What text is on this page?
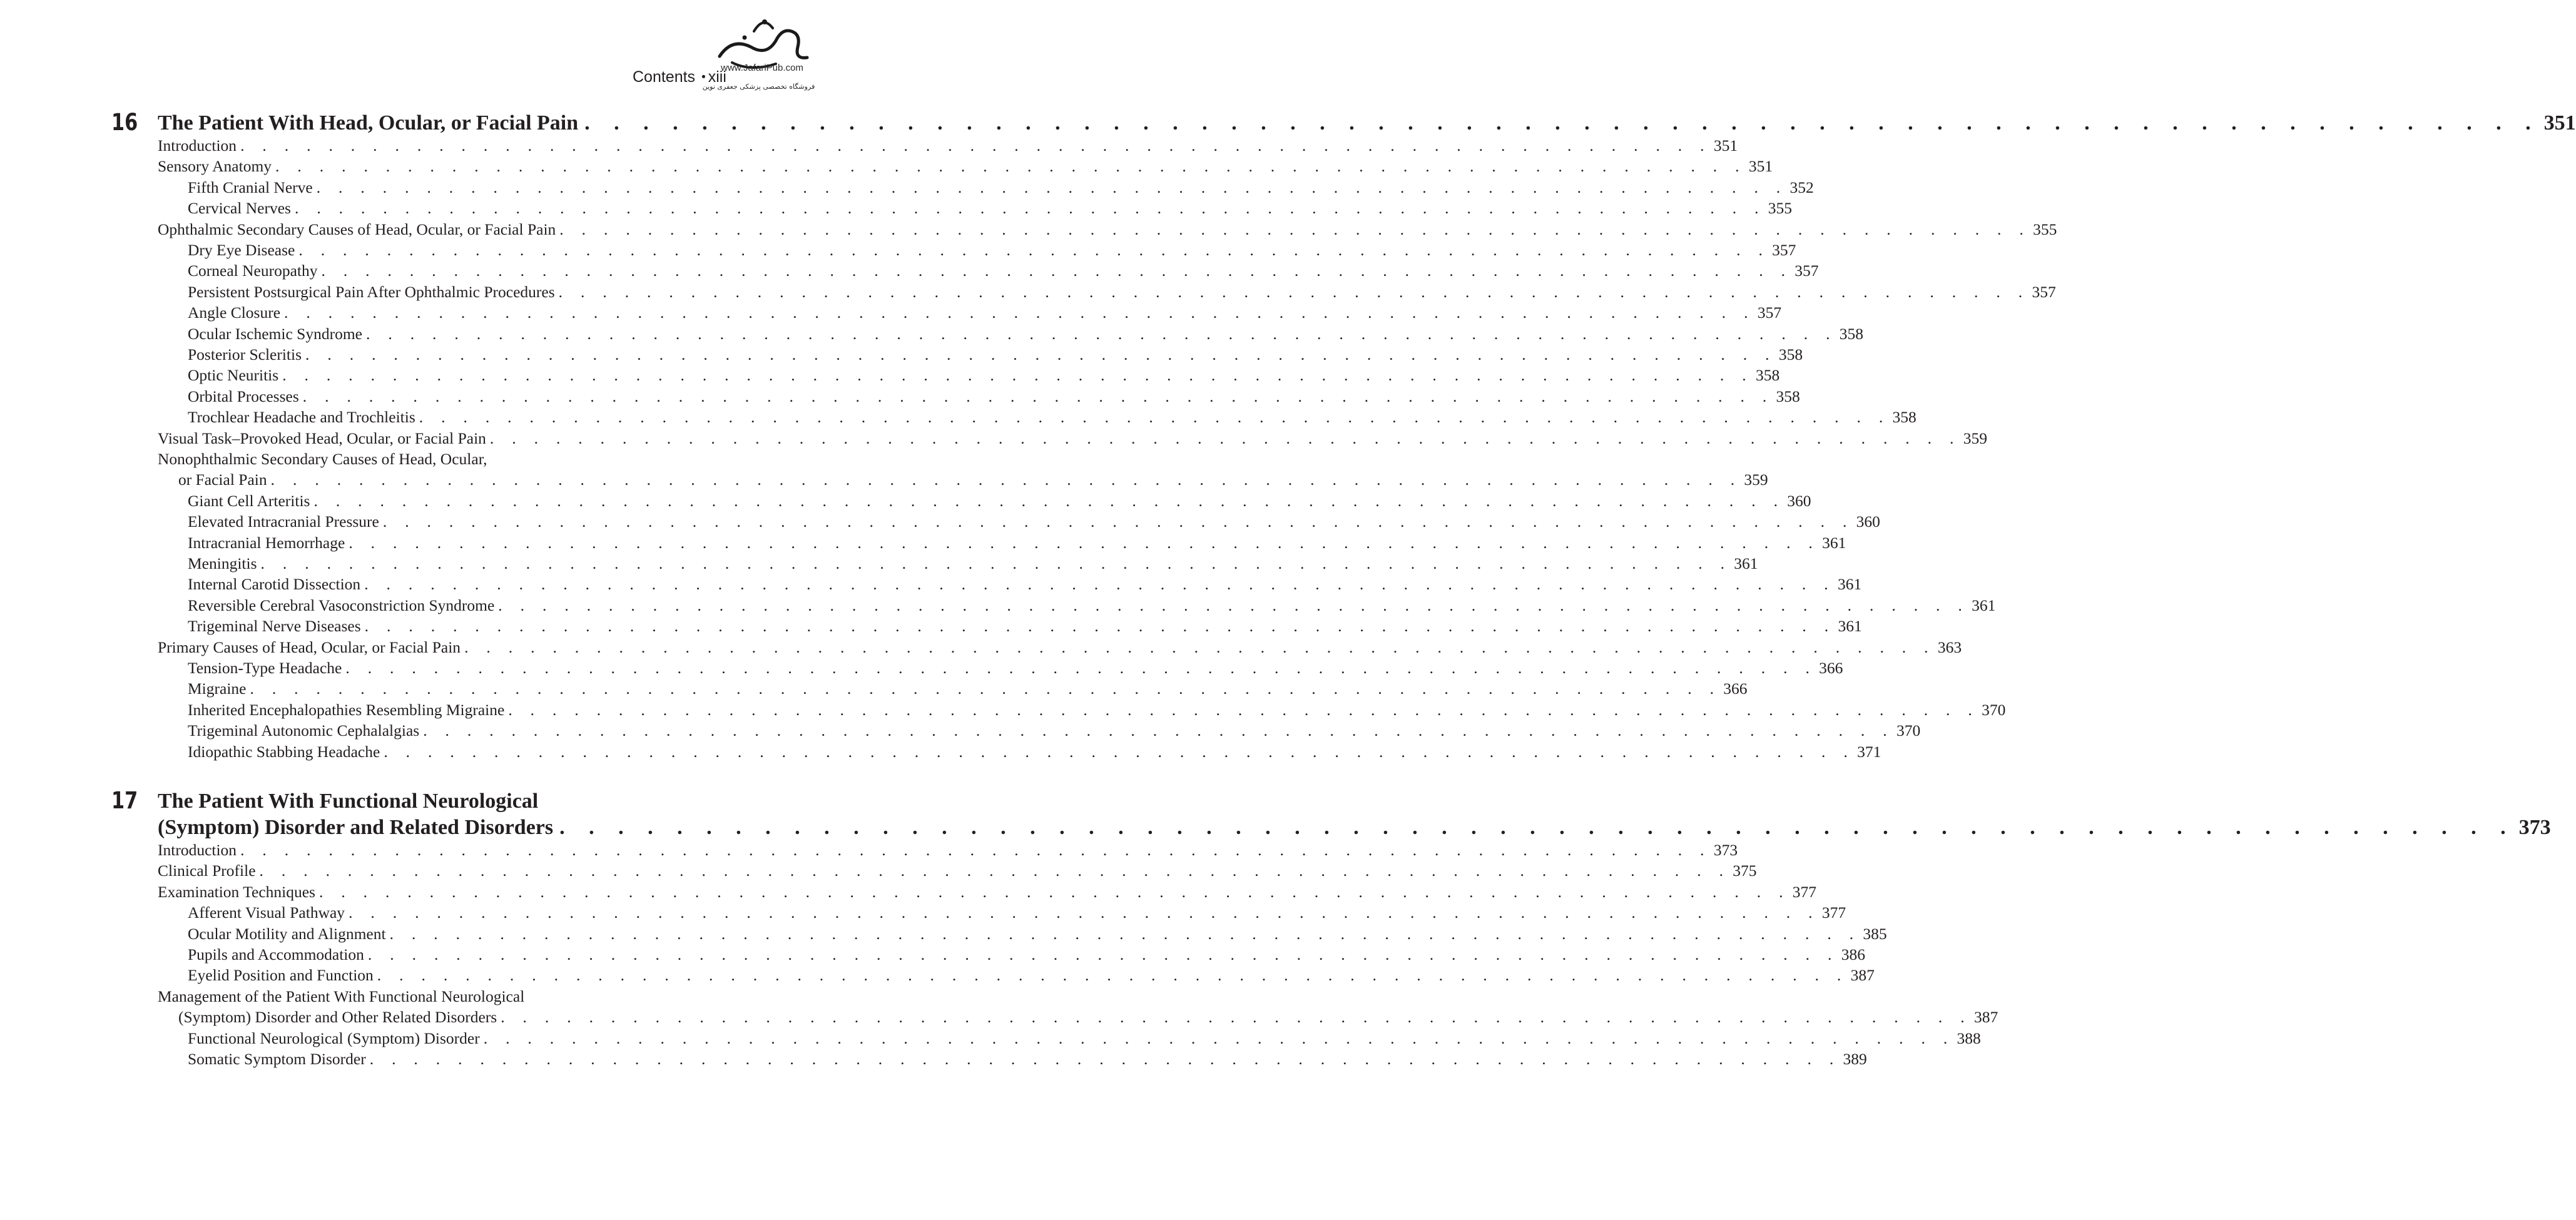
www.JafariPub.com
فروشگاه تخصصی پزشکی جعفری نوین
Contents • xiii
16 The Patient With Head, Ocular, or Facial Pain . . . . . . . . . . . . . . . . . . . . . . . . . . . . . . . . . . . . . . . . . . . . . . . . . . . . . . . . . . . . . . . . . . . 351
Introduction . . . . . . . . . . . . . . . . . . . . . . . . . . . . . . . . . . . . . . . . . . . . . . . . . . . . . . . . . . . . . . . . . . . 351
Sensory Anatomy . . . . . . . . . . . . . . . . . . . . . . . . . . . . . . . . . . . . . . . . . . . . . . . . . . . . . . . . . . . . . . . . . . . 351
Fifth Cranial Nerve . . . . . . . . . . . . . . . . . . . . . . . . . . . . . . . . . . . . . . . . . . . . . . . . . . . . . . . . . . . . . . . . . . . 352
Cervical Nerves . . . . . . . . . . . . . . . . . . . . . . . . . . . . . . . . . . . . . . . . . . . . . . . . . . . . . . . . . . . . . . . . . . . 355
Ophthalmic Secondary Causes of Head, Ocular, or Facial Pain . . . . . . . . . . . . . . . . . . . . . . . . . . . . . . . . . . . . . . . . . . . . . . . . . . . . . . . . . . . . . . . . . . . 355
Dry Eye Disease . . . . . . . . . . . . . . . . . . . . . . . . . . . . . . . . . . . . . . . . . . . . . . . . . . . . . . . . . . . . . . . . . . . 357
Corneal Neuropathy . . . . . . . . . . . . . . . . . . . . . . . . . . . . . . . . . . . . . . . . . . . . . . . . . . . . . . . . . . . . . . . . . . . 357
Persistent Postsurgical Pain After Ophthalmic Procedures . . . . . . . . . . . . . . . . . . . . . . . . . . . . . . . . . . . . . . . . . . . . . . . . . . . . . . . . . . . . . . . . . . . 357
Angle Closure . . . . . . . . . . . . . . . . . . . . . . . . . . . . . . . . . . . . . . . . . . . . . . . . . . . . . . . . . . . . . . . . . . . 357
Ocular Ischemic Syndrome . . . . . . . . . . . . . . . . . . . . . . . . . . . . . . . . . . . . . . . . . . . . . . . . . . . . . . . . . . . . . . . . . . . 358
Posterior Scleritis . . . . . . . . . . . . . . . . . . . . . . . . . . . . . . . . . . . . . . . . . . . . . . . . . . . . . . . . . . . . . . . . . . . 358
Optic Neuritis . . . . . . . . . . . . . . . . . . . . . . . . . . . . . . . . . . . . . . . . . . . . . . . . . . . . . . . . . . . . . . . . . . . 358
Orbital Processes . . . . . . . . . . . . . . . . . . . . . . . . . . . . . . . . . . . . . . . . . . . . . . . . . . . . . . . . . . . . . . . . . . . 358
Trochlear Headache and Trochleitis . . . . . . . . . . . . . . . . . . . . . . . . . . . . . . . . . . . . . . . . . . . . . . . . . . . . . . . . . . . . . . . . . . . 358
Visual Task–Provoked Head, Ocular, or Facial Pain . . . . . . . . . . . . . . . . . . . . . . . . . . . . . . . . . . . . . . . . . . . . . . . . . . . . . . . . . . . . . . . . . . . 359
Nonophthalmic Secondary Causes of Head, Ocular,
or Facial Pain . . . . . . . . . . . . . . . . . . . . . . . . . . . . . . . . . . . . . . . . . . . . . . . . . . . . . . . . . . . . . . . . . . . 359
Giant Cell Arteritis . . . . . . . . . . . . . . . . . . . . . . . . . . . . . . . . . . . . . . . . . . . . . . . . . . . . . . . . . . . . . . . . . . . 360
Elevated Intracranial Pressure . . . . . . . . . . . . . . . . . . . . . . . . . . . . . . . . . . . . . . . . . . . . . . . . . . . . . . . . . . . . . . . . . . . 360
Intracranial Hemorrhage . . . . . . . . . . . . . . . . . . . . . . . . . . . . . . . . . . . . . . . . . . . . . . . . . . . . . . . . . . . . . . . . . . . 361
Meningitis . . . . . . . . . . . . . . . . . . . . . . . . . . . . . . . . . . . . . . . . . . . . . . . . . . . . . . . . . . . . . . . . . . . 361
Internal Carotid Dissection . . . . . . . . . . . . . . . . . . . . . . . . . . . . . . . . . . . . . . . . . . . . . . . . . . . . . . . . . . . . . . . . . . . 361
Reversible Cerebral Vasoconstriction Syndrome . . . . . . . . . . . . . . . . . . . . . . . . . . . . . . . . . . . . . . . . . . . . . . . . . . . . . . . . . . . . . . . . . . . 361
Trigeminal Nerve Diseases . . . . . . . . . . . . . . . . . . . . . . . . . . . . . . . . . . . . . . . . . . . . . . . . . . . . . . . . . . . . . . . . . . . 361
Primary Causes of Head, Ocular, or Facial Pain . . . . . . . . . . . . . . . . . . . . . . . . . . . . . . . . . . . . . . . . . . . . . . . . . . . . . . . . . . . . . . . . . . . 363
Tension-Type Headache . . . . . . . . . . . . . . . . . . . . . . . . . . . . . . . . . . . . . . . . . . . . . . . . . . . . . . . . . . . . . . . . . . . 366
Migraine . . . . . . . . . . . . . . . . . . . . . . . . . . . . . . . . . . . . . . . . . . . . . . . . . . . . . . . . . . . . . . . . . . . 366
Inherited Encephalopathies Resembling Migraine . . . . . . . . . . . . . . . . . . . . . . . . . . . . . . . . . . . . . . . . . . . . . . . . . . . . . . . . . . . . . . . . . . . 370
Trigeminal Autonomic Cephalalgias . . . . . . . . . . . . . . . . . . . . . . . . . . . . . . . . . . . . . . . . . . . . . . . . . . . . . . . . . . . . . . . . . . . 370
Idiopathic Stabbing Headache . . . . . . . . . . . . . . . . . . . . . . . . . . . . . . . . . . . . . . . . . . . . . . . . . . . . . . . . . . . . . . . . . . . 371
17 The Patient With Functional Neurological
(Symptom) Disorder and Related Disorders . . . . . . . . . . . . . . . . . . . . . . . . . . . . . . . . . . . . . . . . . . . . . . . . . . . . . . . . . . . . . . . . . . . 373
Introduction . . . . . . . . . . . . . . . . . . . . . . . . . . . . . . . . . . . . . . . . . . . . . . . . . . . . . . . . . . . . . . . . . . . 373
Clinical Profile . . . . . . . . . . . . . . . . . . . . . . . . . . . . . . . . . . . . . . . . . . . . . . . . . . . . . . . . . . . . . . . . . . . 375
Examination Techniques . . . . . . . . . . . . . . . . . . . . . . . . . . . . . . . . . . . . . . . . . . . . . . . . . . . . . . . . . . . . . . . . . . . 377
Afferent Visual Pathway . . . . . . . . . . . . . . . . . . . . . . . . . . . . . . . . . . . . . . . . . . . . . . . . . . . . . . . . . . . . . . . . . . . 377
Ocular Motility and Alignment . . . . . . . . . . . . . . . . . . . . . . . . . . . . . . . . . . . . . . . . . . . . . . . . . . . . . . . . . . . . . . . . . . . 385
Pupils and Accommodation . . . . . . . . . . . . . . . . . . . . . . . . . . . . . . . . . . . . . . . . . . . . . . . . . . . . . . . . . . . . . . . . . . . 386
Eyelid Position and Function . . . . . . . . . . . . . . . . . . . . . . . . . . . . . . . . . . . . . . . . . . . . . . . . . . . . . . . . . . . . . . . . . . . 387
Management of the Patient With Functional Neurological
(Symptom) Disorder and Other Related Disorders . . . . . . . . . . . . . . . . . . . . . . . . . . . . . . . . . . . . . . . . . . . . . . . . . . . . . . . . . . . . . . . . . . . 387
Functional Neurological (Symptom) Disorder . . . . . . . . . . . . . . . . . . . . . . . . . . . . . . . . . . . . . . . . . . . . . . . . . . . . . . . . . . . . . . . . . . . 388
Somatic Symptom Disorder . . . . . . . . . . . . . . . . . . . . . . . . . . . . . . . . . . . . . . . . . . . . . . . . . . . . . . . . . . . . . . . . . . . 389
